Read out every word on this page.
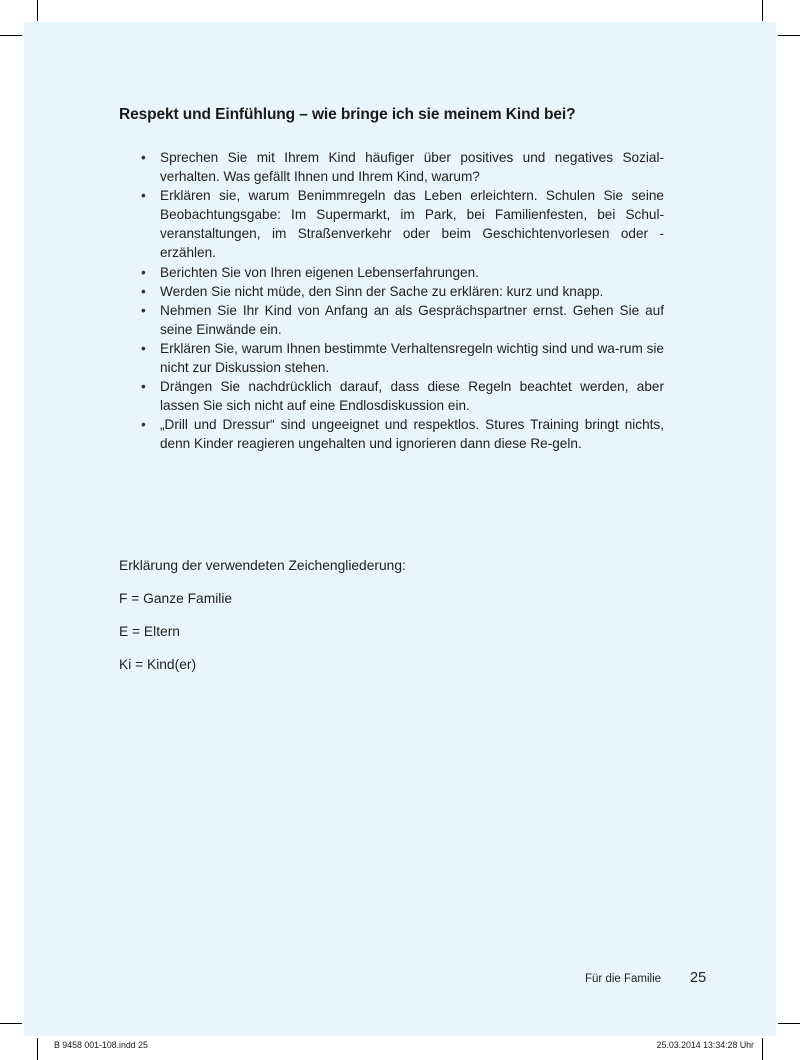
Respekt und Einfühlung – wie bringe ich sie meinem Kind bei?
• Sprechen Sie mit Ihrem Kind häufiger über positives und negatives Sozial-verhalten. Was gefällt Ihnen und Ihrem Kind, warum?
• Erklären sie, warum Benimmregeln das Leben erleichtern. Schulen Sie seine Beobachtungsgabe: Im Supermarkt, im Park, bei Familienfesten, bei Schul-veranstaltungen, im Straßenverkehr oder beim Geschichtenvorlesen oder -erzählen.
• Berichten Sie von Ihren eigenen Lebenserfahrungen.
• Werden Sie nicht müde, den Sinn der Sache zu erklären: kurz und knapp.
• Nehmen Sie Ihr Kind von Anfang an als Gesprächspartner ernst. Gehen Sie auf seine Einwände ein.
• Erklären Sie, warum Ihnen bestimmte Verhaltensregeln wichtig sind und wa-rum sie nicht zur Diskussion stehen.
• Drängen Sie nachdrücklich darauf, dass diese Regeln beachtet werden, aber lassen Sie sich nicht auf eine Endlosdiskussion ein.
• „Drill und Dressur“ sind ungeeignet und respektlos. Stures Training bringt nichts, denn Kinder reagieren ungehalten und ignorieren dann diese Re-geln.

Erklärung der verwendeten Zeichengliederung:

F = Ganze Familie

E = Eltern

Ki = Kind(er)

Für die Familie 25
B 9458 001-108.indd 25	25.03.2014 13:34:28 Uhr
